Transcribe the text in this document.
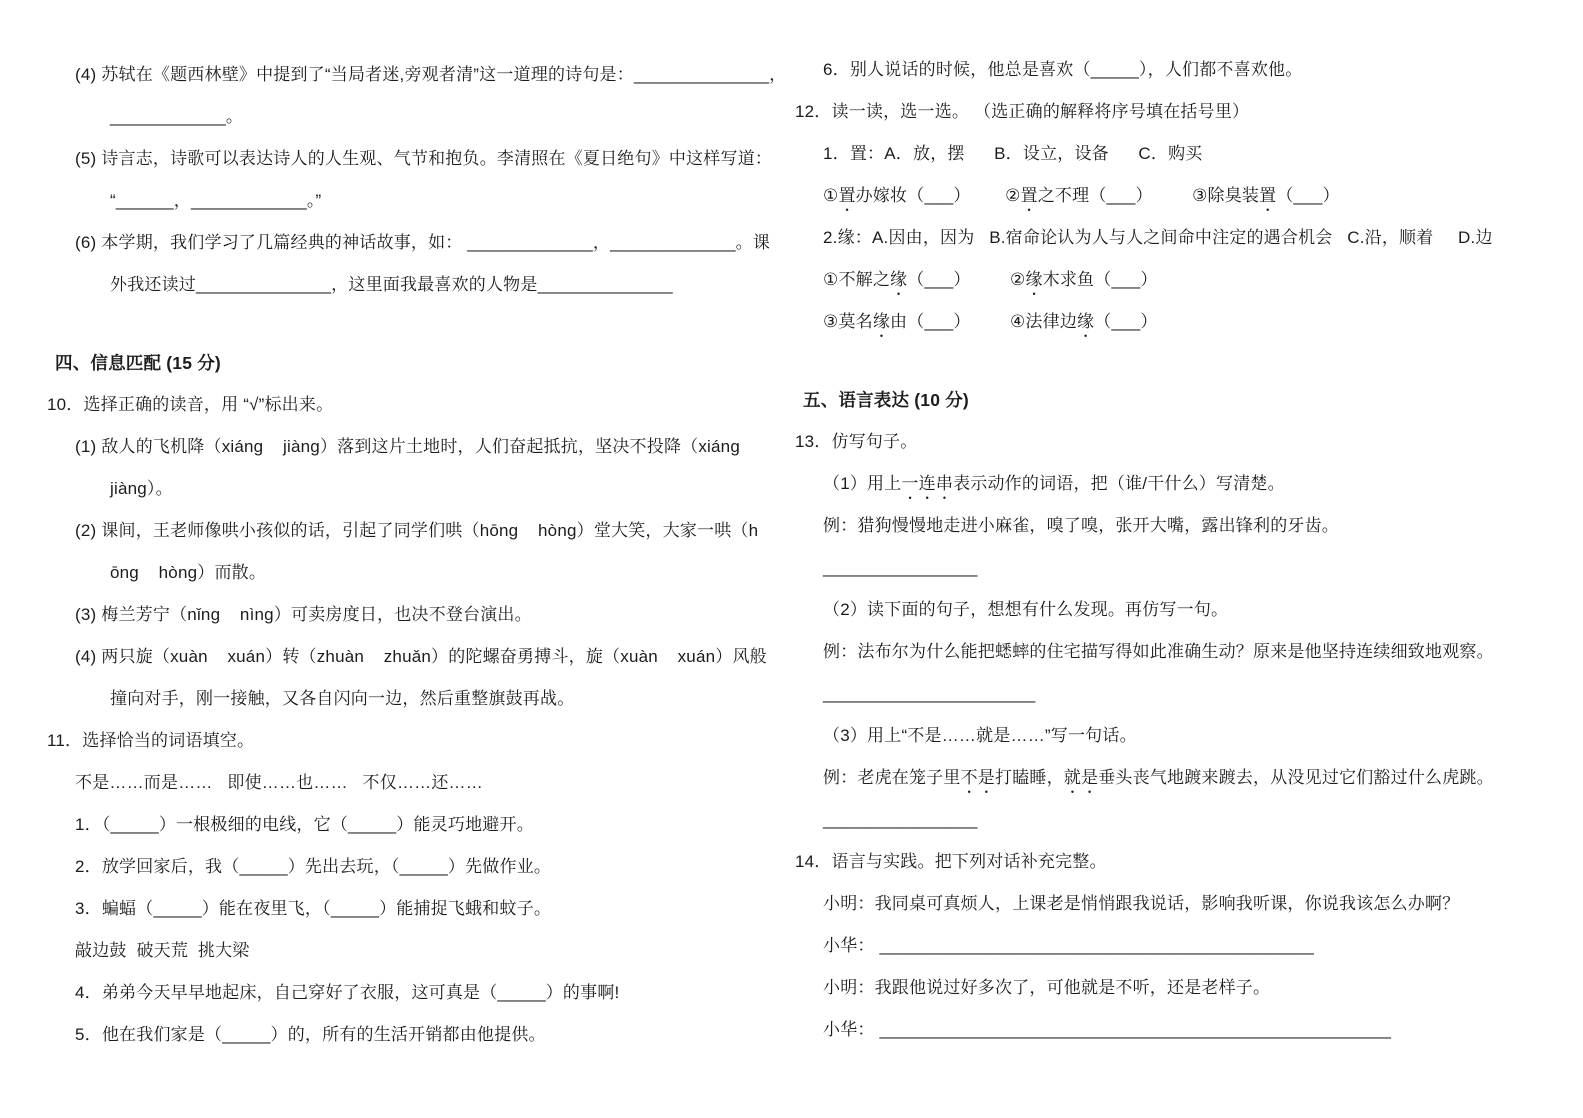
(4) 苏轼在《题西林壁》中提到了“当局者迷,旁观者清”这一道理的诗句是：______________，
____________。
(5) 诗言志，诗歌可以表达诗人的人生观、气节和抱负。李清照在《夏日绝句》中这样写道：
“______，____________。”
(6) 本学期，我们学习了几篇经典的神话故事，如： _____________，_____________。课
外我还读过______________，这里面我最喜欢的人物是______________
四、信息匹配 (15 分)
10．选择正确的读音，用 “√”标出来。
(1) 敌人的飞机降（xiáng    jiàng）落到这片土地时，人们奋起抵抗，坚决不投降（xiáng
jiàng）。
(2) 课间，王老师像哄小孩似的话，引起了同学们哄（hōng    hòng）堂大笑，大家一哄（h
ōng    hòng）而散。
(3) 梅兰芳宁（nǐng    nìng）可卖房度日，也决不登台演出。
(4) 两只旋（xuàn    xuán）转（zhuàn    zhuǎn）的陀螺奋勇搏斗，旋（xuàn    xuán）风般
撞向对手，刚一接触，又各自闪向一边，然后重整旗鼓再战。
11．选择恰当的词语填空。
不是……而是……   即使……也……   不仅……还……
1．（_____）一根极细的电线，它（_____）能灵巧地避开。
2．放学回家后，我（_____）先出去玩，（_____）先做作业。
3．蝙蝠（_____）能在夜里飞，（_____）能捕捉飞蛾和蚊子。
敲边鼓  破天荒  挑大梁
4．弟弟今天早早地起床，自己穿好了衣服，这可真是（_____）的事啊!
5．他在我们家是（_____）的，所有的生活开销都由他提供。
6．别人说话的时候，他总是喜欢（_____），人们都不喜欢他。
12．读一读，选一选。 （选正确的解释将序号填在括号里）
1．置：A．放，摆      B．设立，设备      C．购买
①置办嫁妆（___）       ②置之不理（___）        ③除臭装置（___）
2.缘：A.因由，因为   B.宿命论认为人与人之间命中注定的遇合机会   C.沿，顺着     D.边
①不解之缘（___）        ②缘木求鱼（___）
③莫名缘由（___）        ④法律边缘（___）
五、语言表达 (10 分)
13．仿写句子。
（1）用上一连串表示动作的词语，把（谁/干什么）写清楚。
例：猎狗慢慢地走进小麻雀，嗅了嗅，张开大嘴，露出锋利的牙齿。
________________
（2）读下面的句子，想想有什么发现。再仿写一句。
例：法布尔为什么能把蟋蟀的住宅描写得如此准确生动？原来是他坚持连续细致地观察。
______________________
（3）用上“不是……就是……”写一句话。
例：老虎在笼子里不是打瞌睡，就是垂头丧气地踱来踱去，从没见过它们豁过什么虎跳。
________________
14．语言与实践。把下列对话补充完整。
小明：我同桌可真烦人，上课老是悄悄跟我说话，影响我听课，你说我该怎么办啊？
小华： _____________________________________________
小明：我跟他说过好多次了，可他就是不听，还是老样子。
小华： _____________________________________________________
